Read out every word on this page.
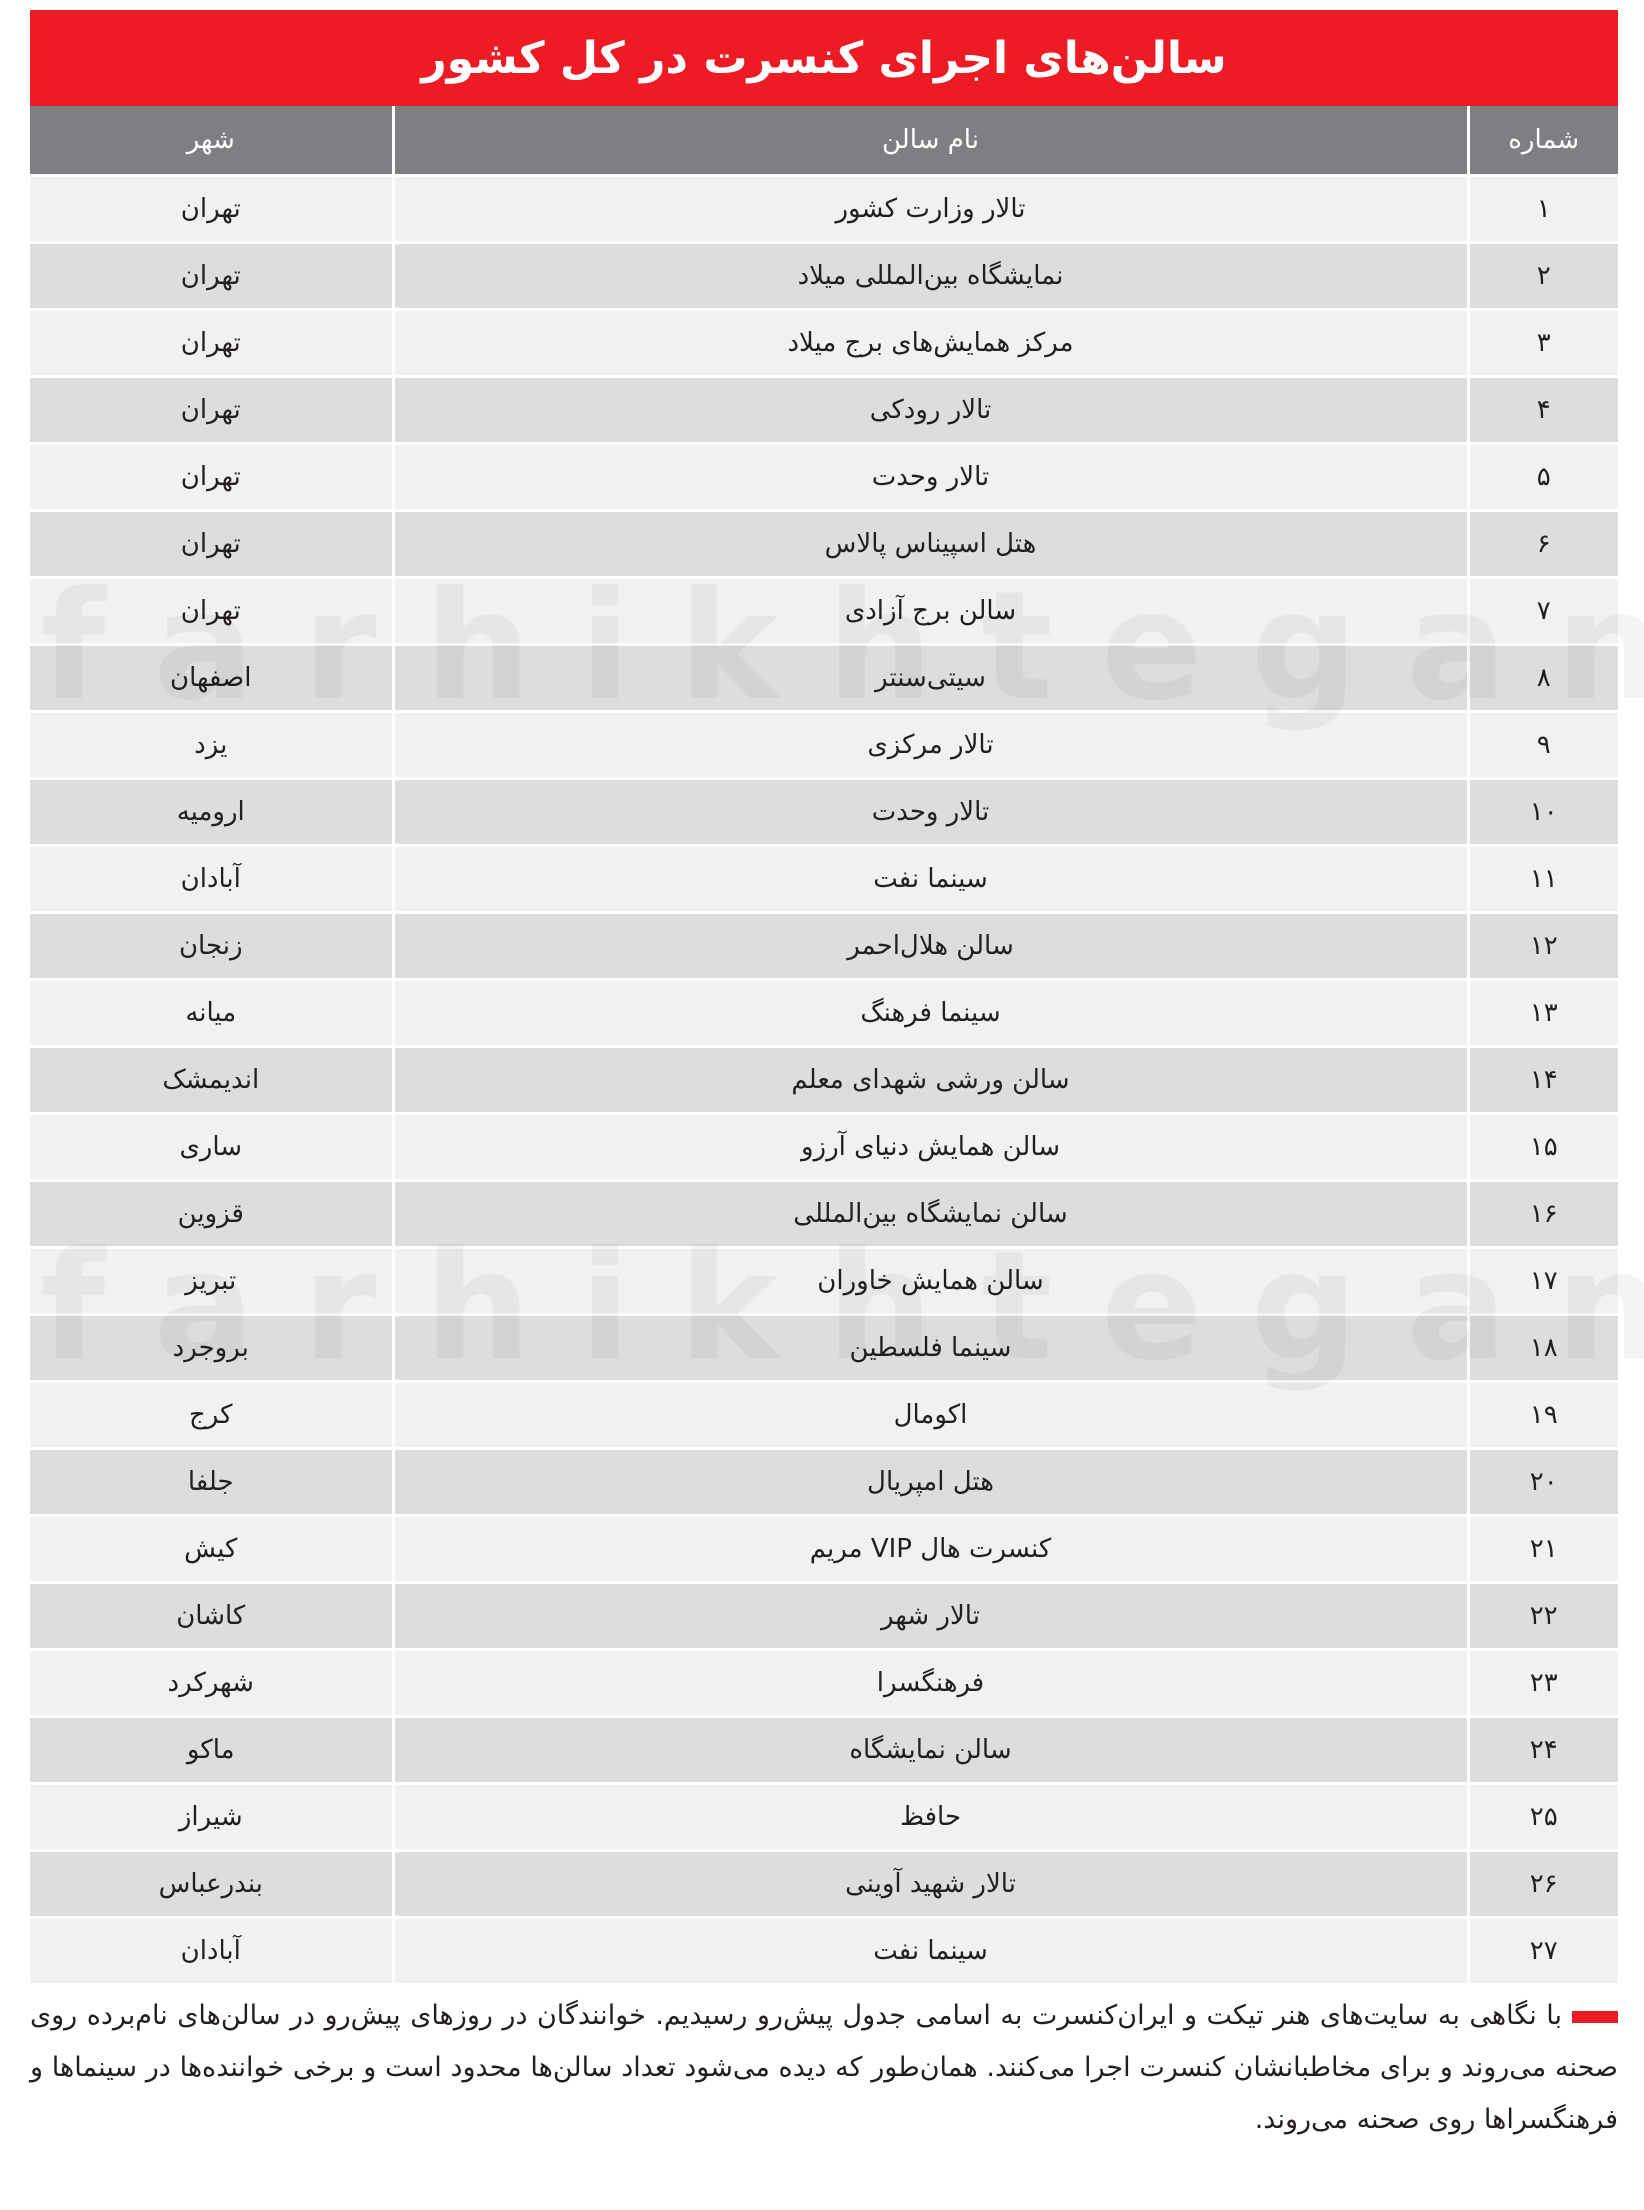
سالن‌های اجرای کنسرت در کل کشور
شماره	نام سالن	شهر
۱	تالار وزارت کشور	تهران
۲	نمایشگاه بین‌المللی میلاد	تهران
۳	مرکز همایش‌های برج میلاد	تهران
۴	تالار رودکی	تهران
۵	تالار وحدت	تهران
۶	هتل اسپیناس پالاس	تهران
۷	سالن برج آزادی	تهران
۸	سیتی‌سنتر	اصفهان
۹	تالار مرکزی	یزد
۱۰	تالار وحدت	ارومیه
۱۱	سینما نفت	آبادان
۱۲	سالن هلال‌احمر	زنجان
۱۳	سینما فرهنگ	میانه
۱۴	سالن ورشی شهدای معلم	اندیمشک
۱۵	سالن همایش دنیای آرزو	ساری
۱۶	سالن نمایشگاه بین‌المللی	قزوین
۱۷	سالن همایش خاوران	تبریز
۱۸	سینما فلسطین	بروجرد
۱۹	اکومال	کرج
۲۰	هتل امپریال	جلفا
۲۱	کنسرت هال VIP مریم	کیش
۲۲	تالار شهر	کاشان
۲۳	فرهنگسرا	شهرکرد
۲۴	سالن نمایشگاه	ماکو
۲۵	حافظ	شیراز
۲۶	تالار شهید آوینی	بندرعباس
۲۷	سینما نفت	آبادان
با نگاهی به سایت‌های هنر تیکت و ایران‌کنسرت به اسامی جدول پیش‌رو رسیدیم. خوانندگان در روزهای پیش‌رو در سالن‌های نام‌برده روی صحنه می‌روند و برای مخاطبانشان کنسرت اجرا می‌کنند. همان‌طور که دیده می‌شود تعداد سالن‌ها محدود است و برخی خواننده‌ها در سینماها و فرهنگسراها روی صحنه می‌روند.
